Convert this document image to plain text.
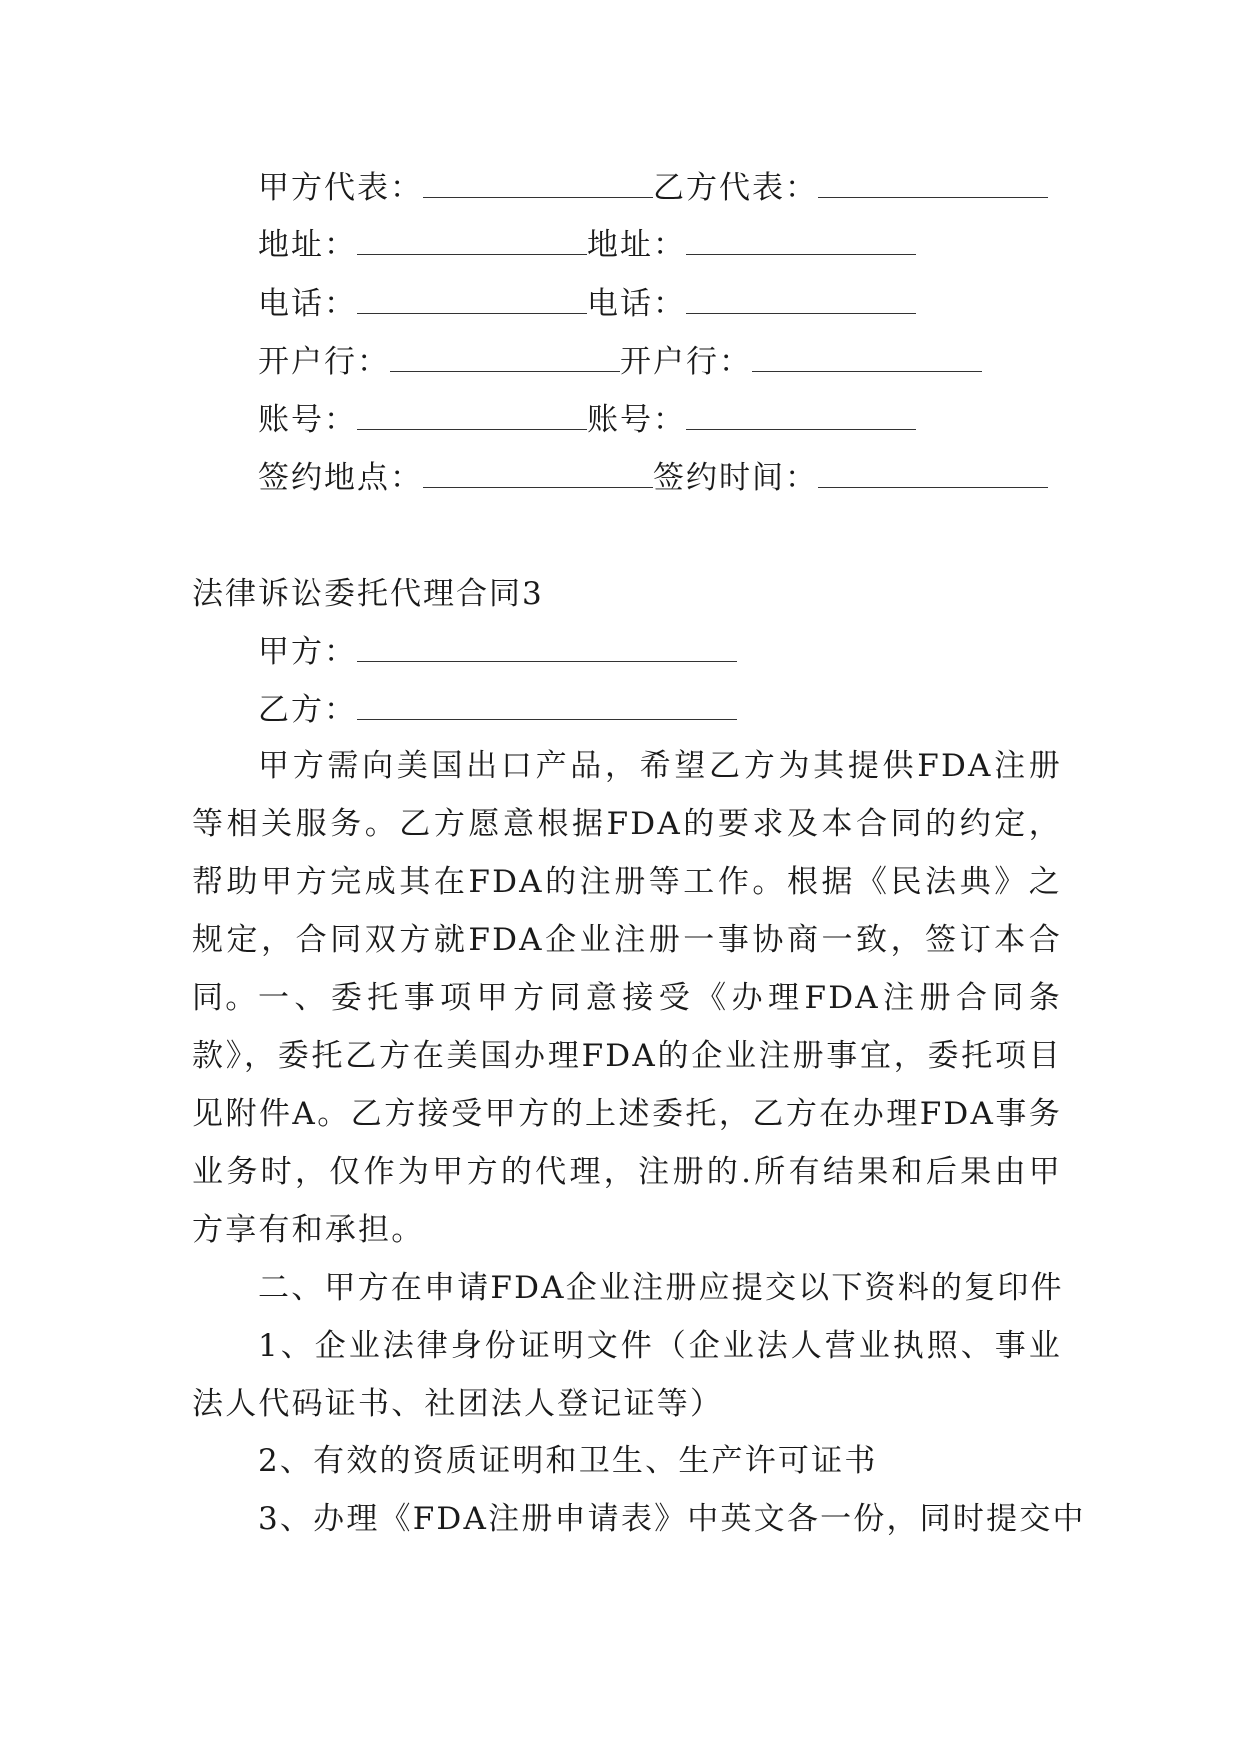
甲方代表：	乙方代表：
地址：	地址：
电话：	电话：
开户行：	开户行：
账号：	账号：
签约地点：	签约时间：
法律诉讼委托代理合同3
甲方：
乙方：
甲方需向美国出口产品，希望乙方为其提供FDA注册等相关服务。乙方愿意根据FDA的要求及本合同的约定，帮助甲方完成其在FDA的注册等工作。根据《民法典》之规定，合同双方就FDA企业注册一事协商一致，签订本合同。 一、委托事项甲方同意接受《办理FDA注册合同条款》，委托乙方在美国办理FDA的企业注册事宜，委托项目见附件A。乙方接受甲方的上述委托，乙方在办理FDA事务业务时，仅作为甲方的代理，注册的.所有结果和后果由甲方享有和承担。
二、甲方在申请FDA企业注册应提交以下资料的复印件
1、企业法律身份证明文件（企业法人营业执照、事业法人代码证书、社团法人登记证等）
2、有效的资质证明和卫生、生产许可证书
3、办理《FDA注册申请表》中英文各一份，同时提交中
